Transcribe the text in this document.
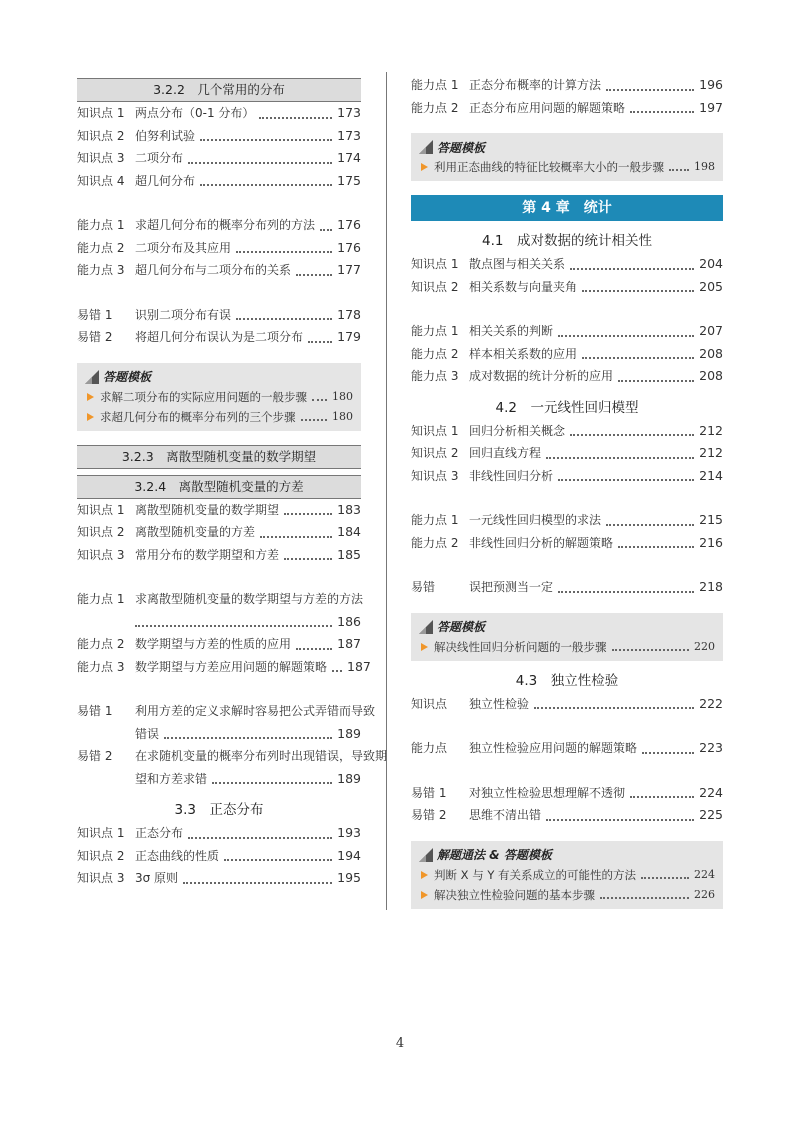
3.2.2　几个常用的分布
知识点 1 两点分布（0-1 分布）	173
知识点 2 伯努利试验	173
知识点 3 二项分布	174
知识点 4 超几何分布	175
能力点 1 求超几何分布的概率分布列的方法 176
能力点 2 二项分布及其应用	176
能力点 3 超几何分布与二项分布的关系	177
易错 1	识别二项分布有误	178
易错 2	将超几何分布误认为是二项分布	179
答题模板
求解二项分布的实际应用问题的一般步骤 180
求超几何分布的概率分布列的三个步骤	180
3.2.3　离散型随机变量的数学期望
3.2.4　离散型随机变量的方差
知识点 1 离散型随机变量的数学期望	183
知识点 2 离散型随机变量的方差	184
知识点 3 常用分布的数学期望和方差	185
能力点 1 求离散型随机变量的数学期望与方差的方法
186
能力点 2 数学期望与方差的性质的应用	187
能力点 3 数学期望与方差应用问题的解题策略 187
易错 1	利用方差的定义求解时容易把公式弄错而导致
错误	189
易错 2	在求随机变量的概率分布列时出现错误，导致期
望和方差求错	189
3.3　正态分布
知识点 1 正态分布	193
知识点 2 正态曲线的性质	194
知识点 3 3σ 原则	195
能力点 1 正态分布概率的计算方法	196
能力点 2 正态分布应用问题的解题策略	197
答题模板
利用正态曲线的特征比较概率大小的一般步骤	198
第 4 章　统计
4.1　成对数据的统计相关性
知识点 1 散点图与相关关系	204
知识点 2 相关系数与向量夹角	205
能力点 1 相关关系的判断	207
能力点 2 样本相关系数的应用	208
能力点 3 成对数据的统计分析的应用	208
4.2　一元线性回归模型
知识点 1 回归分析相关概念	212
知识点 2 回归直线方程	212
知识点 3 非线性回归分析	214
能力点 1 一元线性回归模型的求法	215
能力点 2 非线性回归分析的解题策略	216
易错	误把预测当一定	218
答题模板
解决线性回归分析问题的一般步骤	220
4.3　独立性检验
知识点	独立性检验	222
能力点	独立性检验应用问题的解题策略	223
易错 1	对独立性检验思想理解不透彻	224
易错 2	思维不清出错	225
解题通法 & 答题模板
判断 X 与 Y 有关系成立的可能性的方法	224
解决独立性检验问题的基本步骤	226
4
